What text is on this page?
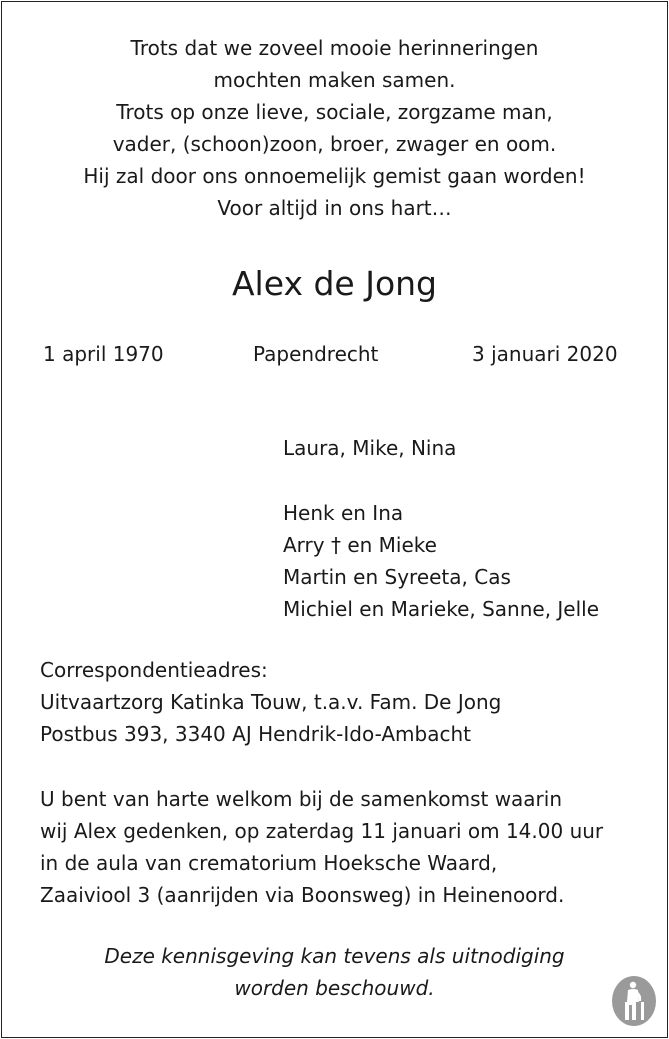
Trots dat we zoveel mooie herinneringen
mochten maken samen.
Trots op onze lieve, sociale, zorgzame man,
vader, (schoon)zoon, broer, zwager en oom.
Hij zal door ons onnoemelijk gemist gaan worden!
Voor altijd in ons hart…
Alex de Jong
1 april 1970	Papendrecht	3 januari 2020
Laura, Mike, Nina
Henk en Ina
Arry † en Mieke
Martin en Syreeta, Cas
Michiel en Marieke, Sanne, Jelle
Correspondentieadres:
Uitvaartzorg Katinka Touw, t.a.v. Fam. De Jong
Postbus 393, 3340 AJ Hendrik-Ido-Ambacht
U bent van harte welkom bij de samenkomst waarin
wij Alex gedenken, op zaterdag 11 januari om 14.00 uur
in de aula van crematorium Hoeksche Waard,
Zaaiviool 3 (aanrijden via Boonsweg) in Heinenoord.
Deze kennisgeving kan tevens als uitnodiging
worden beschouwd.
